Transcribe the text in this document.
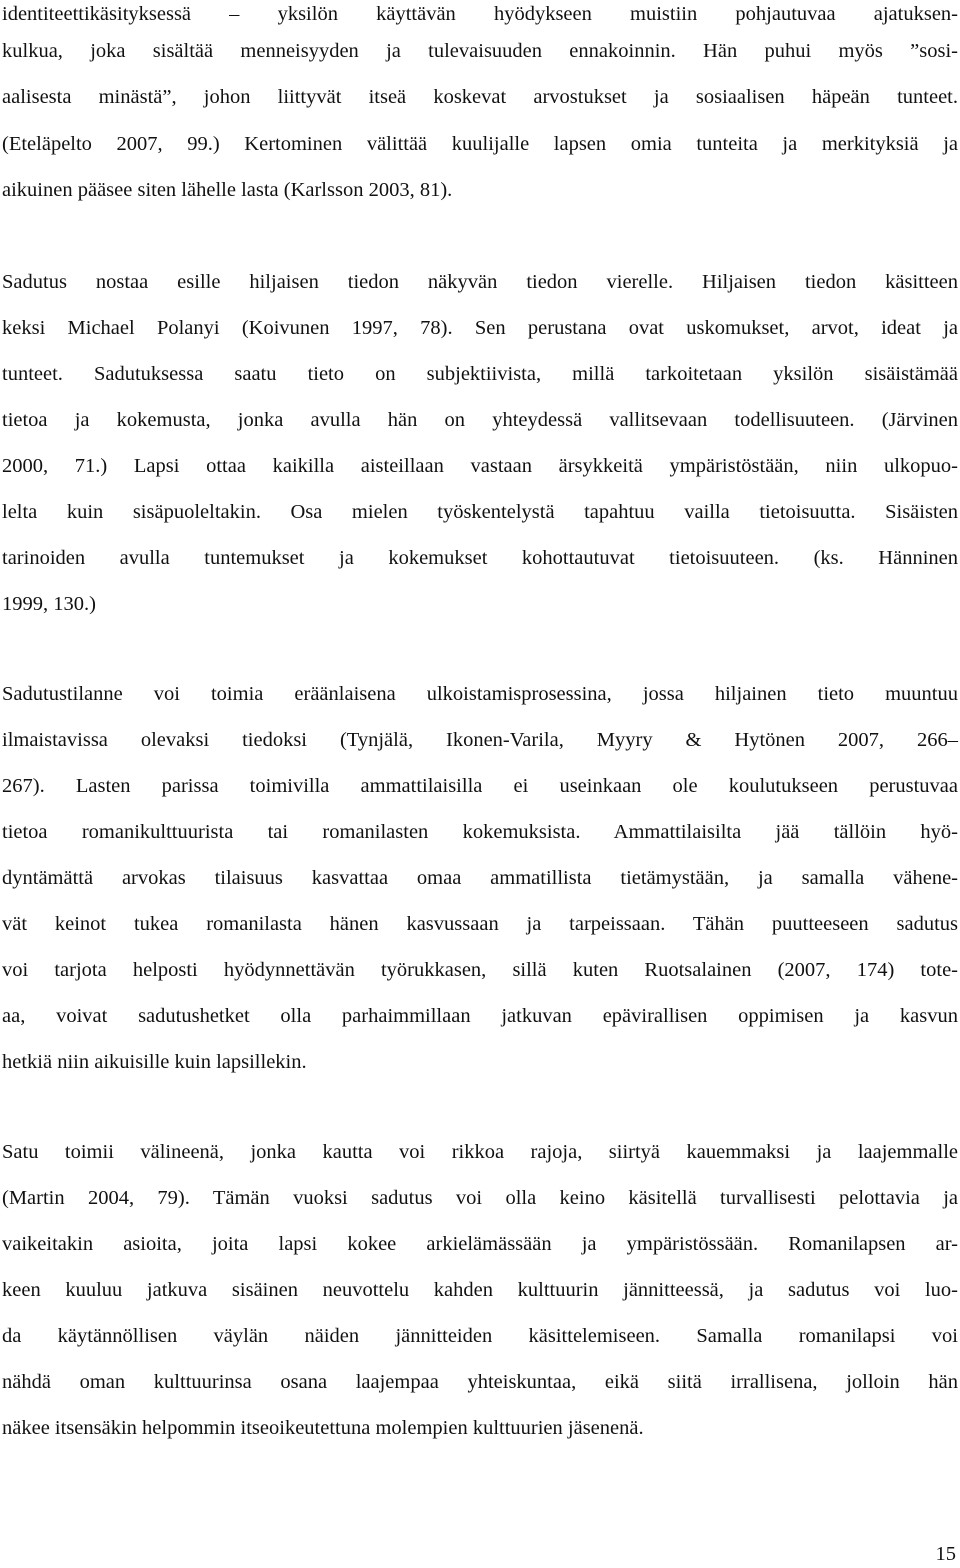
identiteettikäsityksessä – yksilön käyttävän hyödykseen muistiin pohjautuvaa ajatuksen-
kulkua, joka sisältää menneisyyden ja tulevaisuuden ennakoinnin. Hän puhui myös ”sosi-
aalisesta minästä”, johon liittyvät itseä koskevat arvostukset ja sosiaalisen häpeän tunteet.
(Eteläpelto 2007, 99.) Kertominen välittää kuulijalle lapsen omia tunteita ja merkityksiä ja
aikuinen pääsee siten lähelle lasta (Karlsson 2003, 81).
Sadutus nostaa esille hiljaisen tiedon näkyvän tiedon vierelle. Hiljaisen tiedon käsitteen
keksi Michael Polanyi (Koivunen 1997, 78). Sen perustana ovat uskomukset, arvot, ideat ja
tunteet. Sadutuksessa saatu tieto on subjektiivista, millä tarkoitetaan yksilön sisäistämää
tietoa ja kokemusta, jonka avulla hän on yhteydessä vallitsevaan todellisuuteen. (Järvinen
2000, 71.) Lapsi ottaa kaikilla aisteillaan vastaan ärsykkeitä ympäristöstään, niin ulkopuo-
lelta kuin sisäpuoleltakin. Osa mielen työskentelystä tapahtuu vailla tietoisuutta. Sisäisten
tarinoiden avulla tuntemukset ja kokemukset kohottautuvat tietoisuuteen. (ks. Hänninen
1999, 130.)
Sadutustilanne voi toimia eräänlaisena ulkoistamisprosessina, jossa hiljainen tieto muuntuu
ilmaistavissa olevaksi tiedoksi (Tynjälä, Ikonen-Varila, Myyry & Hytönen 2007, 266–
267). Lasten parissa toimivilla ammattilaisilla ei useinkaan ole koulutukseen perustuvaa
tietoa romanikulttuurista tai romanilasten kokemuksista. Ammattilaisilta jää tällöin hyö-
dyntämättä arvokas tilaisuus kasvattaa omaa ammatillista tietämystään, ja samalla vähene-
vät keinot tukea romanilasta hänen kasvussaan ja tarpeissaan. Tähän puutteeseen sadutus
voi tarjota helposti hyödynnettävän työrukkasen, sillä kuten Ruotsalainen (2007, 174) tote-
aa, voivat sadutushetket olla parhaimmillaan jatkuvan epävirallisen oppimisen ja kasvun
hetkiä niin aikuisille kuin lapsillekin.
Satu toimii välineenä, jonka kautta voi rikkoa rajoja, siirtyä kauemmaksi ja laajemmalle
(Martin 2004, 79). Tämän vuoksi sadutus voi olla keino käsitellä turvallisesti pelottavia ja
vaikeitakin asioita, joita lapsi kokee arkielämässään ja ympäristössään. Romanilapsen ar-
keen kuuluu jatkuva sisäinen neuvottelu kahden kulttuurin jännitteessä, ja sadutus voi luo-
da käytännöllisen väylän näiden jännitteiden käsittelemiseen. Samalla romanilapsi voi
nähdä oman kulttuurinsa osana laajempaa yhteiskuntaa, eikä siitä irrallisena, jolloin hän
näkee itsensäkin helpommin itseoikeutettuna molempien kulttuurien jäsenenä.
15
